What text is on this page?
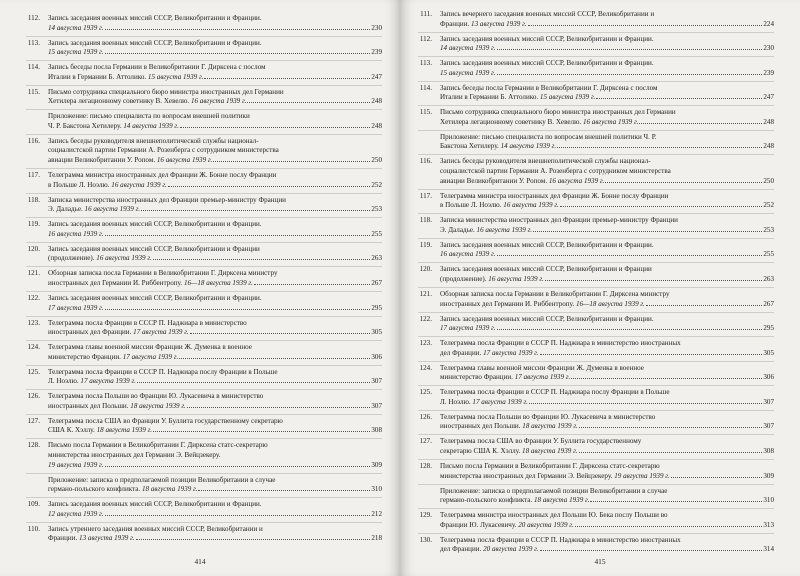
112.	Запись заседания военных миссий СССР, Великобритании и Франции.
14 августа 1939 г.	230
113.	Запись заседания военных миссий СССР, Великобритании и Франции.
15 августа 1939 г.	239
114.	Запись беседы посла Германии в Великобритании Г. Дирксена с послом
Италии в Германии Б. Аттолико. 15 августа 1939 г.	247
115.	Письмо сотрудника специального бюро министра иностранных дел Германии
Хетилера легационному советнику В. Хевелю. 16 августа 1939 г.	248
Приложение: письмо специалиста по вопросам внешней политики
Ч. Р. Бакстона Хетилеру. 14 августа 1939 г.	248
116.	Запись беседы руководителя внешнеполитической службы национал-
социалистской партии Германии А. Розенберга с сотрудником министерства
авиации Великобритании У. Ропом. 16 августа 1939 г.	250
117.	Телеграмма министра иностранных дел Франции Ж. Бонне послу Франции
в Польше Л. Ноэлю. 16 августа 1939 г.	252
118.	Записка министерства иностранных дел Франции премьер-министру Франции
Э. Даладье. 16 августа 1939 г.	253
119.	Запись заседания военных миссий СССР, Великобритании и Франции.
16 августа 1939 г.	255
120.	Запись заседания военных миссий СССР, Великобритании и Франции
(продолжение). 16 августа 1939 г.	263
121.	Обзорная записка посла Германии в Великобритании Г. Дирксена министру
иностранных дел Германии И. Риббентропу. 16—18 августа 1939 г.	267
122.	Запись заседания военных миссий СССР, Великобритании и Франции.
17 августа 1939 г.	295
123.	Телеграмма посла Франции в СССР П. Наджиара в министерство
иностранных дел Франции. 17 августа 1939 г.	305
124.	Телеграмма главы военной миссии Франции Ж. Думенка в военное
министерство Франции. 17 августа 1939 г.	306
125.	Телеграмма посла Франции в СССР П. Наджиара послу Франции в Польше
Л. Ноэлю. 17 августа 1939 г.	307
126.	Телеграмма посла Польши во Франции Ю. Лукасевича в министерство
иностранных дел Польши. 18 августа 1939 г.	307
127.	Телеграмма посла США во Франции У. Буллита государственному секретарю
США К. Хэллу. 18 августа 1939 г.	308
128.	Письмо посла Германии в Великобритании Г. Дирксена статс-секретарю
министерства иностранных дел Германии Э. Вейцзекеру.
19 августа 1939 г.	309
Приложение: записка о предполагаемой позиции Великобритании в случае
германо-польского конфликта. 18 августа 1939 г.	310
109.	Запись заседания военных миссий СССР, Великобритании и Франции.
12 августа 1939 г.	212
110.	Запись утреннего заседания военных миссий СССР, Великобритании и
Франции. 13 августа 1939 г.	218
414
111.	Запись вечернего заседания военных миссий СССР, Великобритании и
Франции. 13 августа 1939 г.	224
112.	Запись заседания военных миссий СССР, Великобритании и Франции.
14 августа 1939 г.	230
113.	Запись заседания военных миссий СССР, Великобритании и Франции.
15 августа 1939 г.	239
114.	Запись беседы посла Германии в Великобритании Г. Дирксена с послом
Италии в Германии Б. Аттолико. 15 августа 1939 г.	247
115.	Письмо сотрудника специального бюро министра иностранных дел Германии
Хетилера легационному советнику В. Хевелю. 16 августа 1939 г.	248
Приложение: письмо специалиста по вопросам внешней политики Ч. Р.
Бакстона Хетилеру. 14 августа 1939 г.	248
116.	Запись беседы руководителя внешнеполитической службы национал-
социалистской партии Германии А. Розенберга с сотрудником министерства
авиации Великобритании У. Ропом. 16 августа 1939 г.	250
117.	Телеграмма министра иностранных дел Франции Ж. Бонне послу Франции
в Польше Л. Ноэлю. 16 августа 1939 г.	252
118.	Записка министерства иностранных дел Франции премьер-министру Франции
Э. Даладье. 16 августа 1939 г.	253
119.	Запись заседания военных миссий СССР, Великобритании и Франции.
16 августа 1939 г.	255
120.	Запись заседания военных миссий СССР, Великобритании и Франции
(продолжение). 16 августа 1939 г.	263
121.	Обзорная записка посла Германии в Великобритании Г. Дирксена министру
иностранных дел Германии И. Риббентропу. 16—18 августа 1939 г.	267
122.	Запись заседания военных миссий СССР, Великобритании и Франции.
17 августа 1939 г.	295
123.	Телеграмма посла Франции в СССР П. Наджиара в министерство иностранных
дел Франции. 17 августа 1939 г.	305
124.	Телеграмма главы военной миссии Франции Ж. Думенка в военное
министерство Франции. 17 августа 1939 г.	306
125.	Телеграмма посла Франции в СССР П. Наджиара послу Франции в Польше
Л. Ноэлю. 17 августа 1939 г.	307
126.	Телеграмма посла Польши во Франции Ю. Лукасевича в министерство
иностранных дел Польши. 18 августа 1939 г.	307
127.	Телеграмма посла США во Франции У. Буллита государственному
секретарю США К. Хэллу. 18 августа 1939 г.	308
128.	Письмо посла Германии в Великобритании Г. Дирксена статс-секретарю
министерства иностранных дел Германии Э. Вейцзекеру. 19 августа 1939 г.	309
Приложение: записка о предполагаемой позиции Великобритании в случае
германо-польского конфликта. 18 августа 1939 г.	310
129.	Телеграмма министра иностранных дел Польши Ю. Бека послу Польши во
Франции Ю. Лукасевичу. 20 августа 1939 г.	313
130.	Телеграмма посла Франции в СССР П. Наджиара в министерство иностранных
дел Франции. 20 августа 1939 г.	314
415
